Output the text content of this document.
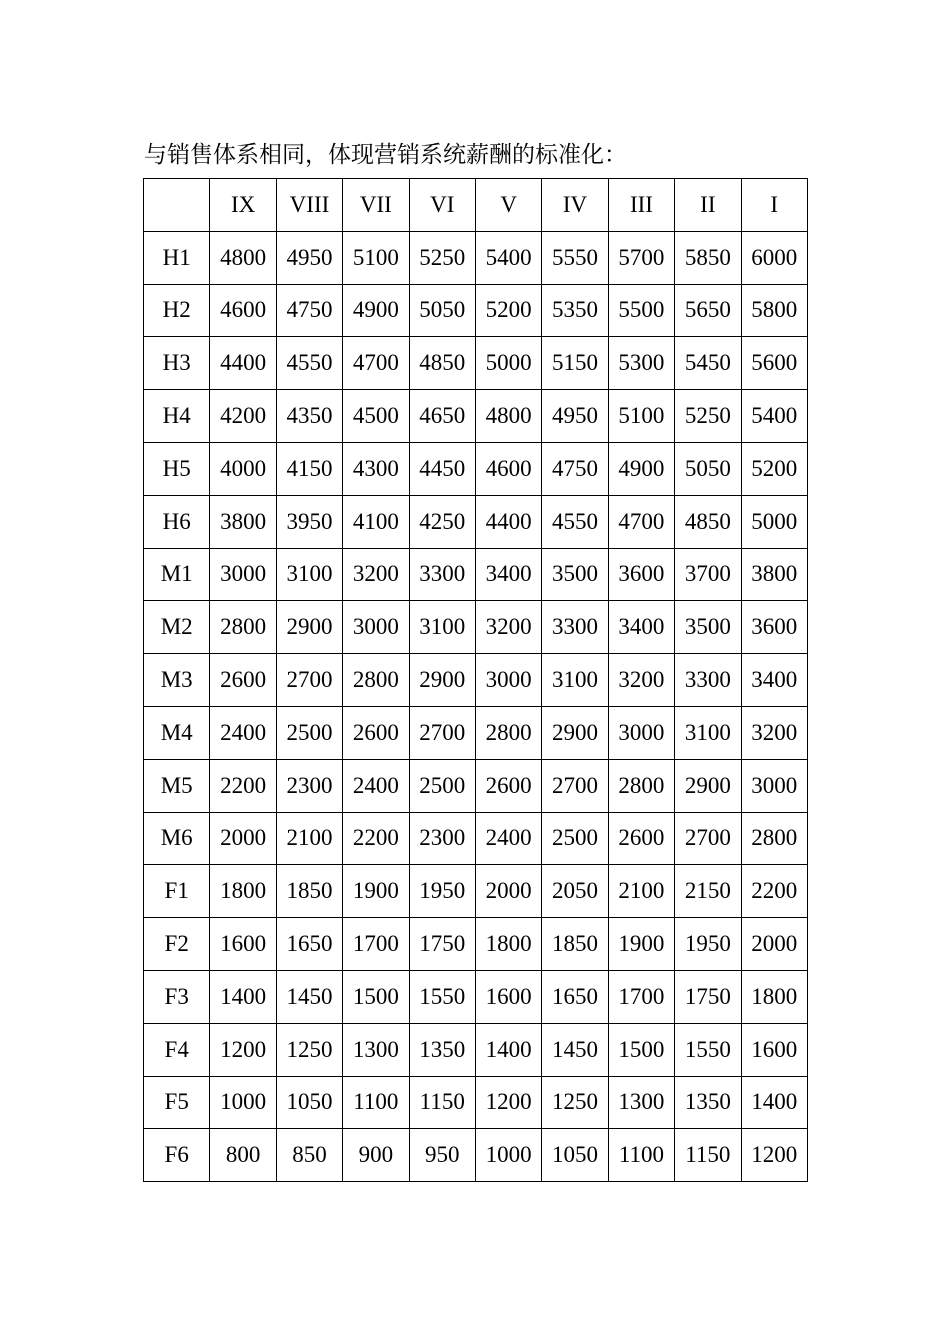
与销售体系相同，体现营销系统薪酬的标准化：
	IX	VIII	VII	VI	V	IV	III	II	I
H1	4800	4950	5100	5250	5400	5550	5700	5850	6000
H2	4600	4750	4900	5050	5200	5350	5500	5650	5800
H3	4400	4550	4700	4850	5000	5150	5300	5450	5600
H4	4200	4350	4500	4650	4800	4950	5100	5250	5400
H5	4000	4150	4300	4450	4600	4750	4900	5050	5200
H6	3800	3950	4100	4250	4400	4550	4700	4850	5000
M1	3000	3100	3200	3300	3400	3500	3600	3700	3800
M2	2800	2900	3000	3100	3200	3300	3400	3500	3600
M3	2600	2700	2800	2900	3000	3100	3200	3300	3400
M4	2400	2500	2600	2700	2800	2900	3000	3100	3200
M5	2200	2300	2400	2500	2600	2700	2800	2900	3000
M6	2000	2100	2200	2300	2400	2500	2600	2700	2800
F1	1800	1850	1900	1950	2000	2050	2100	2150	2200
F2	1600	1650	1700	1750	1800	1850	1900	1950	2000
F3	1400	1450	1500	1550	1600	1650	1700	1750	1800
F4	1200	1250	1300	1350	1400	1450	1500	1550	1600
F5	1000	1050	1100	1150	1200	1250	1300	1350	1400
F6	800	850	900	950	1000	1050	1100	1150	1200
